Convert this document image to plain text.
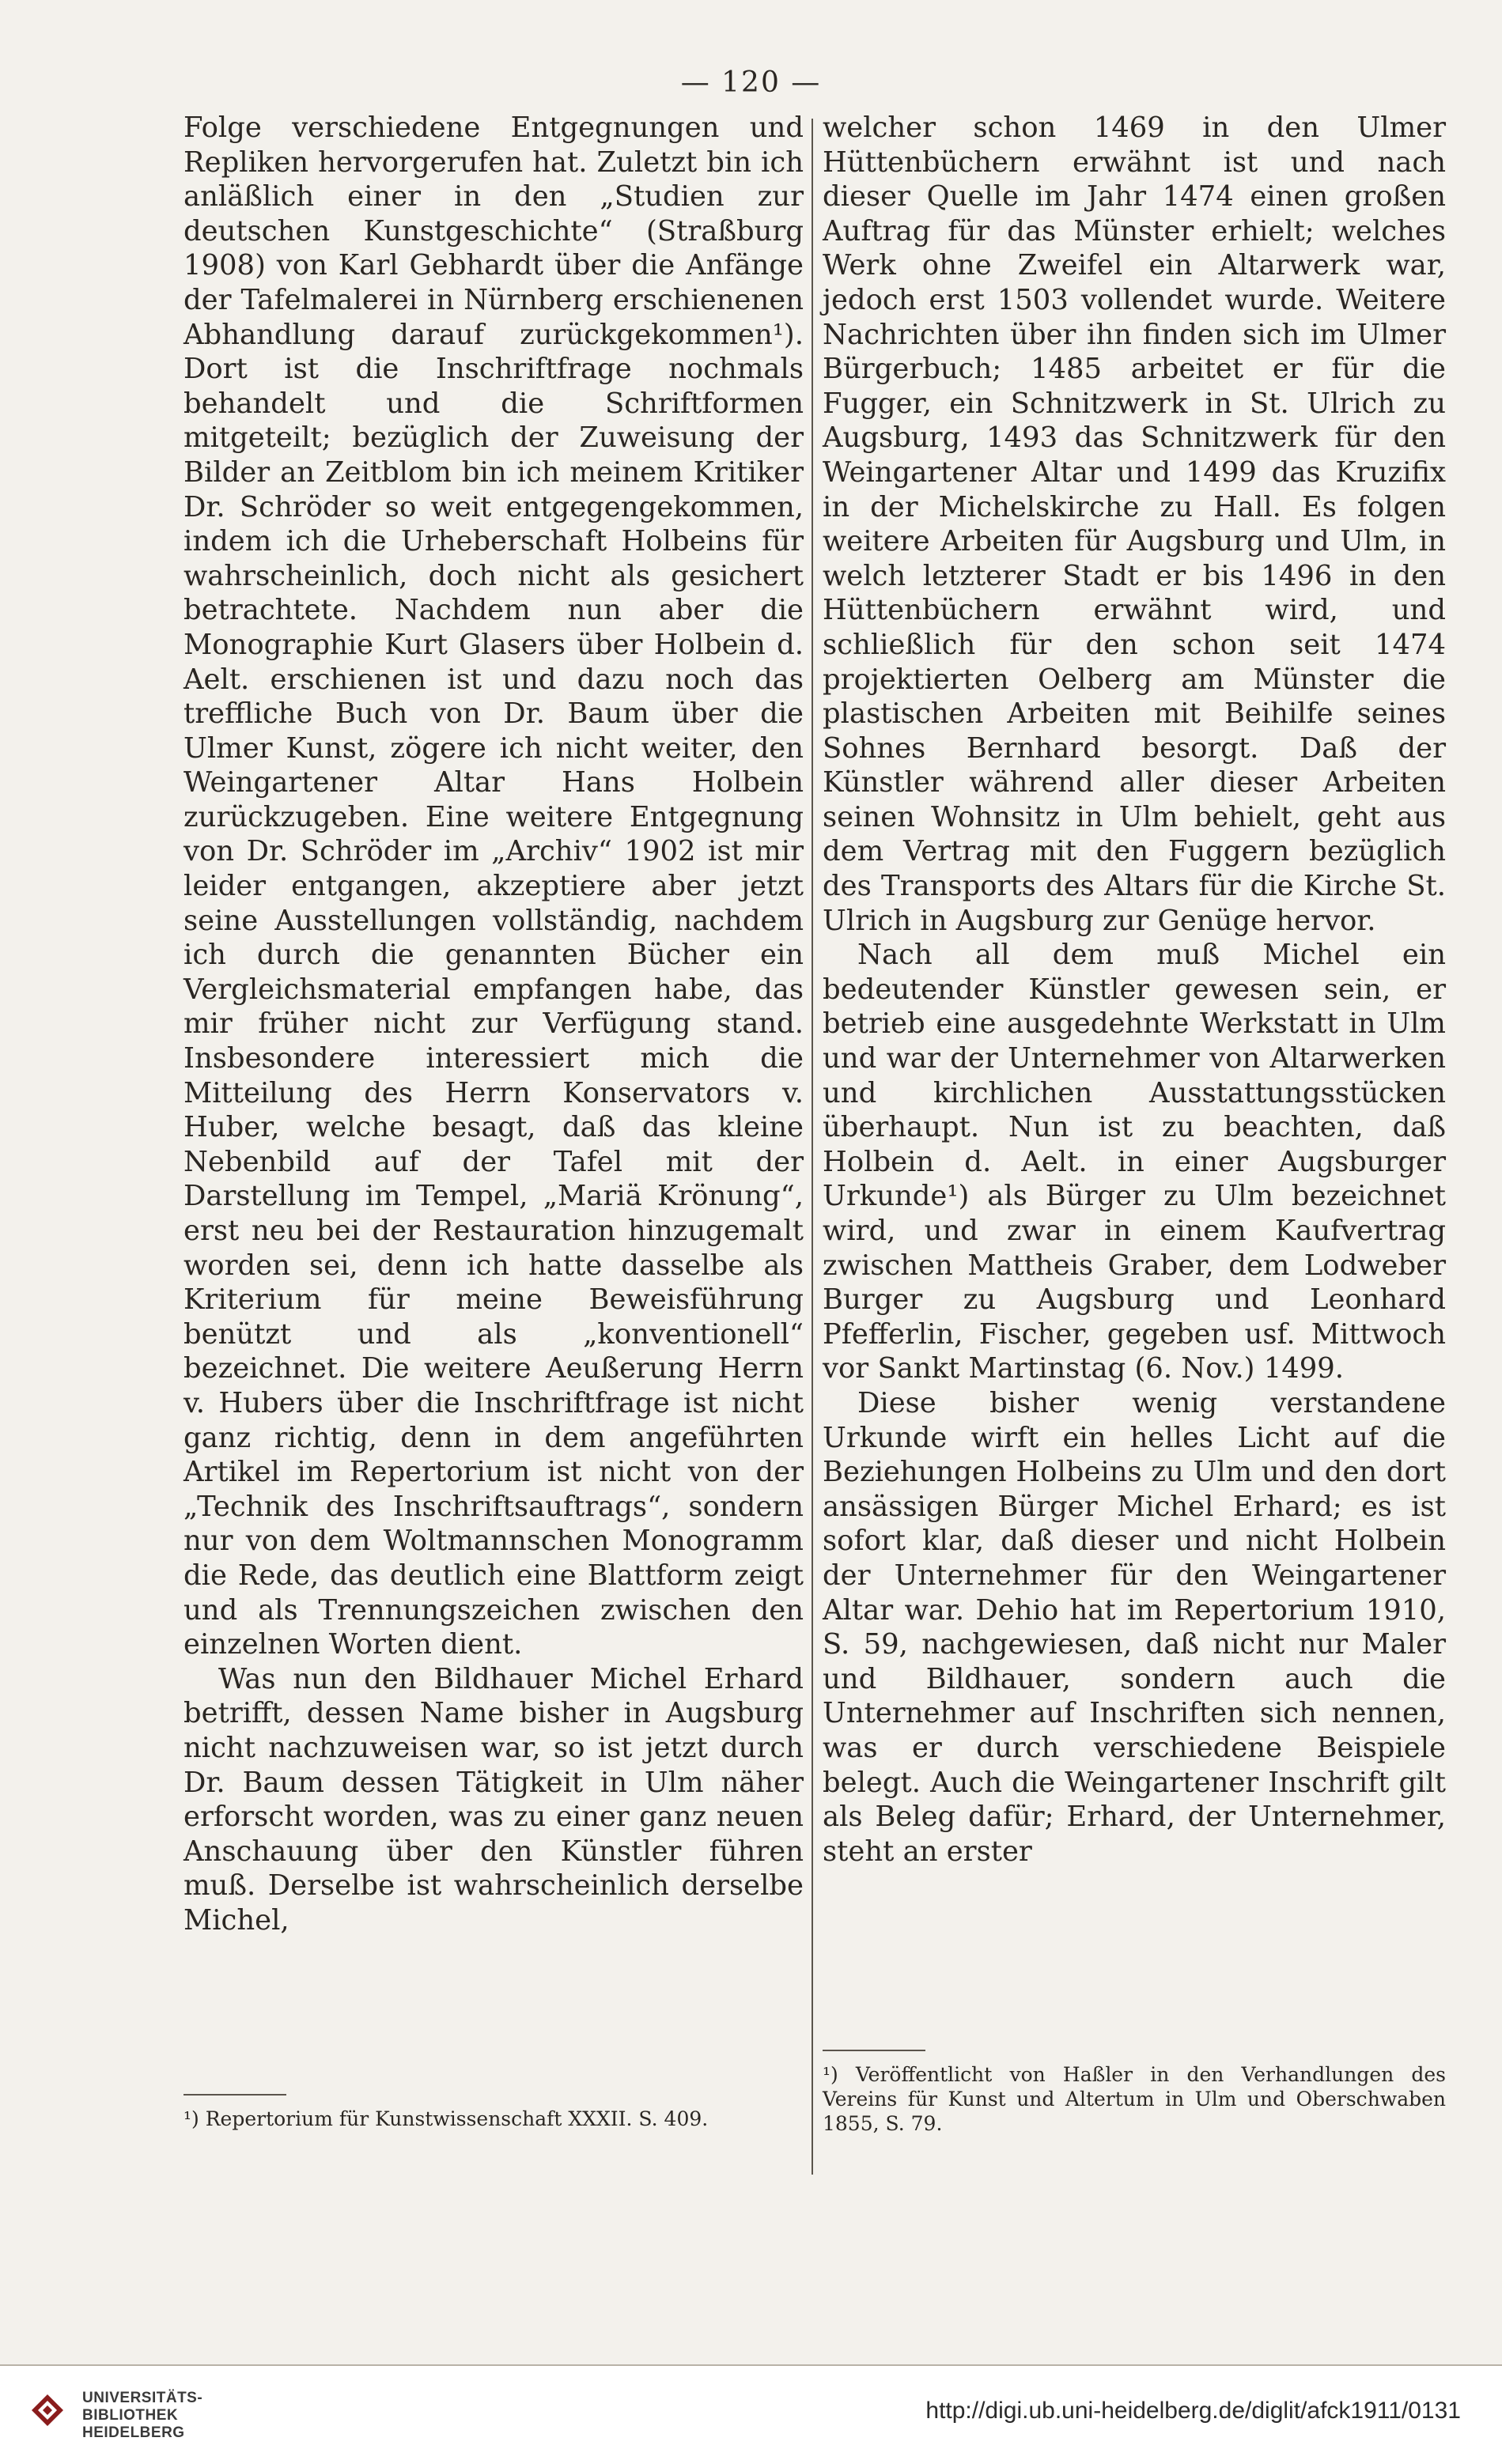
— 120 —

Folge verschiedene Entgegnungen und Repliken hervorgerufen hat. Zuletzt bin ich anläßlich einer in den „Studien zur deutschen Kunstgeschichte“ (Straßburg 1908) von Karl Gebhardt über die Anfänge der Tafelmalerei in Nürnberg erschienenen Abhandlung darauf zurückgekommen¹). Dort ist die Inschriftfrage nochmals behandelt und die Schriftformen mitgeteilt; bezüglich der Zuweisung der Bilder an Zeitblom bin ich meinem Kritiker Dr. Schröder so weit entgegengekommen, indem ich die Urheberschaft Holbeins für wahrscheinlich, doch nicht als gesichert betrachtete. Nachdem nun aber die Monographie Kurt Glasers über Holbein d. Aelt. erschienen ist und dazu noch das treffliche Buch von Dr. Baum über die Ulmer Kunst, zögere ich nicht weiter, den Weingartener Altar Hans Holbein zurückzugeben. Eine weitere Entgegnung von Dr. Schröder im „Archiv“ 1902 ist mir leider entgangen, akzeptiere aber jetzt seine Ausstellungen vollständig, nachdem ich durch die genannten Bücher ein Vergleichsmaterial empfangen habe, das mir früher nicht zur Verfügung stand. Insbesondere interessiert mich die Mitteilung des Herrn Konservators v. Huber, welche besagt, daß das kleine Nebenbild auf der Tafel mit der Darstellung im Tempel, „Mariä Krönung“, erst neu bei der Restauration hinzugemalt worden sei, denn ich hatte dasselbe als Kriterium für meine Beweisführung benützt und als „konventionell“ bezeichnet. Die weitere Aeußerung Herrn v. Hubers über die Inschriftfrage ist nicht ganz richtig, denn in dem angeführten Artikel im Repertorium ist nicht von der „Technik des Inschriftsauftrags“, sondern nur von dem Woltmannschen Monogramm die Rede, das deutlich eine Blattform zeigt und als Trennungszeichen zwischen den einzelnen Worten dient.

Was nun den Bildhauer Michel Erhard betrifft, dessen Name bisher in Augsburg nicht nachzuweisen war, so ist jetzt durch Dr. Baum dessen Tätigkeit in Ulm näher erforscht worden, was zu einer ganz neuen Anschauung über den Künstler führen muß. Derselbe ist wahrscheinlich derselbe Michel,

welcher schon 1469 in den Ulmer Hüttenbüchern erwähnt ist und nach dieser Quelle im Jahr 1474 einen großen Auftrag für das Münster erhielt; welches Werk ohne Zweifel ein Altarwerk war, jedoch erst 1503 vollendet wurde. Weitere Nachrichten über ihn finden sich im Ulmer Bürgerbuch; 1485 arbeitet er für die Fugger, ein Schnitzwerk in St. Ulrich zu Augsburg, 1493 das Schnitzwerk für den Weingartener Altar und 1499 das Kruzifix in der Michelskirche zu Hall. Es folgen weitere Arbeiten für Augsburg und Ulm, in welch letzterer Stadt er bis 1496 in den Hüttenbüchern erwähnt wird, und schließlich für den schon seit 1474 projektierten Oelberg am Münster die plastischen Arbeiten mit Beihilfe seines Sohnes Bernhard besorgt. Daß der Künstler während aller dieser Arbeiten seinen Wohnsitz in Ulm behielt, geht aus dem Vertrag mit den Fuggern bezüglich des Transports des Altars für die Kirche St. Ulrich in Augsburg zur Genüge hervor.

Nach all dem muß Michel ein bedeutender Künstler gewesen sein, er betrieb eine ausgedehnte Werkstatt in Ulm und war der Unternehmer von Altarwerken und kirchlichen Ausstattungsstücken überhaupt. Nun ist zu beachten, daß Holbein d. Aelt. in einer Augsburger Urkunde¹) als Bürger zu Ulm bezeichnet wird, und zwar in einem Kaufvertrag zwischen Mattheis Graber, dem Lodweber Burger zu Augsburg und Leonhard Pfefferlin, Fischer, gegeben usf. Mittwoch vor Sankt Martinstag (6. Nov.) 1499.

Diese bisher wenig verstandene Urkunde wirft ein helles Licht auf die Beziehungen Holbeins zu Ulm und den dort ansässigen Bürger Michel Erhard; es ist sofort klar, daß dieser und nicht Holbein der Unternehmer für den Weingartener Altar war. Dehio hat im Repertorium 1910, S. 59, nachgewiesen, daß nicht nur Maler und Bildhauer, sondern auch die Unternehmer auf Inschriften sich nennen, was er durch verschiedene Beispiele belegt. Auch die Weingartener Inschrift gilt als Beleg dafür; Erhard, der Unternehmer, steht an erster

¹) Repertorium für Kunstwissenschaft XXXII. S. 409.
¹) Veröffentlicht von Haßler in den Verhandlungen des Vereins für Kunst und Altertum in Ulm und Oberschwaben 1855, S. 79.
UNIVERSITÄTS-
BIBLIOTHEK
HEIDELBERG
http://digi.ub.uni-heidelberg.de/diglit/afck1911/0131
